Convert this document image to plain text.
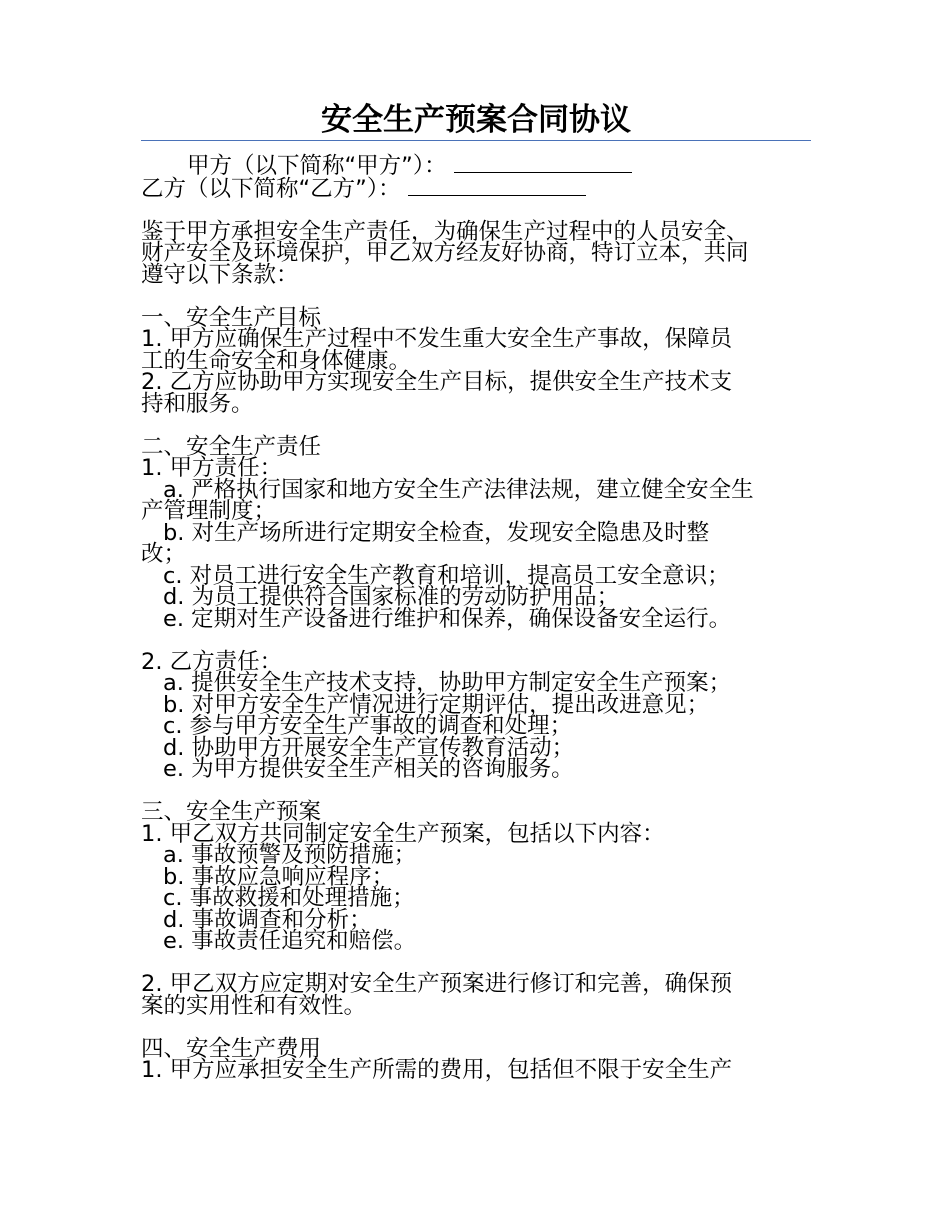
安全生产预案合同协议
甲方（以下简称“甲方”）：
乙方（以下简称“乙方”）：
鉴于甲方承担安全生产责任，为确保生产过程中的人员安全、
财产安全及环境保护，甲乙双方经友好协商，特订立本，共同
遵守以下条款：
一、安全生产目标
1. 甲方应确保生产过程中不发生重大安全生产事故，保障员
工的生命安全和身体健康。
2. 乙方应协助甲方实现安全生产目标，提供安全生产技术支
持和服务。
二、安全生产责任
1. 甲方责任：
a. 严格执行国家和地方安全生产法律法规，建立健全安全生
产管理制度；
b. 对生产场所进行定期安全检查，发现安全隐患及时整
改；
c. 对员工进行安全生产教育和培训，提高员工安全意识；
d. 为员工提供符合国家标准的劳动防护用品；
e. 定期对生产设备进行维护和保养，确保设备安全运行。
2. 乙方责任：
a. 提供安全生产技术支持，协助甲方制定安全生产预案；
b. 对甲方安全生产情况进行定期评估，提出改进意见；
c. 参与甲方安全生产事故的调查和处理；
d. 协助甲方开展安全生产宣传教育活动；
e. 为甲方提供安全生产相关的咨询服务。
三、安全生产预案
1. 甲乙双方共同制定安全生产预案，包括以下内容：
a. 事故预警及预防措施；
b. 事故应急响应程序；
c. 事故救援和处理措施；
d. 事故调查和分析；
e. 事故责任追究和赔偿。
2. 甲乙双方应定期对安全生产预案进行修订和完善，确保预
案的实用性和有效性。
四、安全生产费用
1. 甲方应承担安全生产所需的费用，包括但不限于安全生产
